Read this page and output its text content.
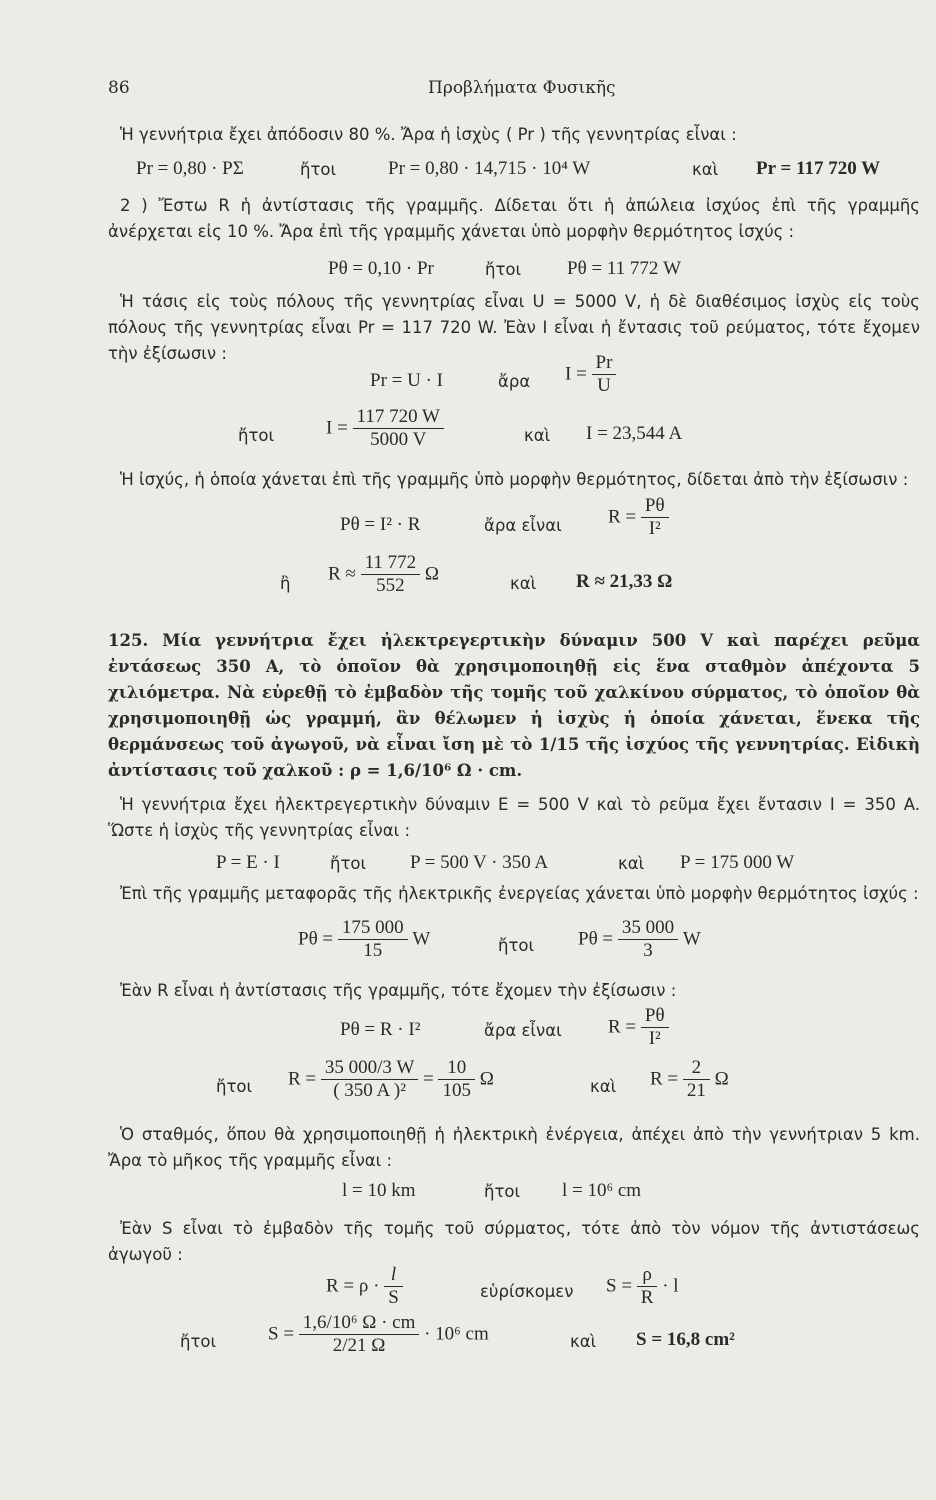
86	Προβλήματα Φυσικῆς
Ἡ γεννήτρια ἔχει ἀπόδοσιν 80 %. Ἄρα ἡ ἰσχὺς ( Pr ) τῆς γεννητρίας εἶναι :
Pr = 0,80 · PΣ	ἤτοι	Pr = 0,80 · 14,715 · 10⁴ W	καὶ Pr = 117 720 W
2 ) Ἔστω R ἡ ἀντίστασις τῆς γραμμῆς. Δίδεται ὅτι ἡ ἀπώλεια ἰσχύος ἐπὶ τῆς γραμμῆς ἀνέρχεται εἰς 10 %. Ἄρα ἐπὶ τῆς γραμμῆς χάνεται ὑπὸ μορφὴν θερμότητος ἰσχύς :
Pθ = 0,10 · Pr	ἤτοι Pθ = 11 772 W
Ἡ τάσις εἰς τοὺς πόλους τῆς γεννητρίας εἶναι U = 5000 V, ἡ δὲ διαθέσιμος ἰσχὺς εἰς τοὺς πόλους τῆς γεννητρίας εἶναι Pr = 117 720 W. Ἐὰν I εἶναι ἡ ἔντασις τοῦ ρεύματος, τότε ἔχομεν τὴν ἐξίσωσιν :
Pr = U · I	ἄρα $I = \frac{Pr}{U}$
ἤτοι	$I = \frac{117 720 W}{5000 V}$	καὶ I = 23,544 A
Ἡ ἰσχύς, ἡ ὁποία χάνεται ἐπὶ τῆς γραμμῆς ὑπὸ μορφὴν θερμότητος, δίδεται ἀπὸ τὴν ἐξίσωσιν :
Pθ = I² · R	ἄρα εἶναι $R = \frac{P\theta}{\text{I²}}$
ἢ $R \approx \frac{11 772}{552}$ Ω	καὶ R ≈ 21,33 Ω
125. Μία γεννήτρια ἔχει ἠλεκτρεγερτικὴν δύναμιν 500 V καὶ παρέχει ρεῦμα ἐντάσεως 350 A, τὸ ὁποῖον θὰ χρησιμοποιηθῇ εἰς ἕνα σταθμὸν ἀπέχοντα 5 χιλιόμετρα. Νὰ εὑρεθῇ τὸ ἐμβαδὸν τῆς τομῆς τοῦ χαλκίνου σύρματος, τὸ ὁποῖον θὰ χρησιμοποιηθῇ ὡς γραμμή, ἂν θέλωμεν ἡ ἰσχὺς ἡ ὁποία χάνεται, ἕνεκα τῆς θερμάνσεως τοῦ ἀγωγοῦ, νὰ εἶναι ἴση μὲ τὸ 1/15 τῆς ἰσχύος τῆς γεννητρίας. Εἰδικὴ ἀντίστασις τοῦ χαλκοῦ : ρ = 1,6/10⁶ Ω · cm.
Ἡ γεννήτρια ἔχει ἠλεκτρεγερτικὴν δύναμιν E = 500 V καὶ τὸ ρεῦμα ἔχει ἔντασιν I = 350 A. Ὥστε ἡ ἰσχὺς τῆς γεννητρίας εἶναι :
P = E · I	ἤτοι P = 500 V · 350 A	καὶ P = 175 000 W
Ἐπὶ τῆς γραμμῆς μεταφορᾶς τῆς ἠλεκτρικῆς ἐνεργείας χάνεται ὑπὸ μορφὴν θερμότητος ἰσχύς :
$P\theta = \frac{175 000}{15}$ W	ἤτοι $P\theta = \frac{35 000}{3}$ W
Ἐὰν R εἶναι ἡ ἀντίστασις τῆς γραμμῆς, τότε ἔχομεν τὴν ἐξίσωσιν :
Pθ = R · I²	ἄρα εἶναι $R = \frac{P\theta}{\text{I²}}$
ἤτοι $R = \frac{35 000/3 W}{\text{( 350 A )²}} = \frac{10}{105}$ Ω	καὶ $R = \frac{2}{21}$ Ω
Ὁ σταθμός, ὅπου θὰ χρησιμοποιηθῇ ἡ ἠλεκτρικὴ ἐνέργεια, ἀπέχει ἀπὸ τὴν γεννήτριαν 5 km. Ἄρα τὸ μῆκος τῆς γραμμῆς εἶναι :
l = 10 km	ἤτοι l = 10⁶ cm
Ἐὰν S εἶναι τὸ ἐμβαδὸν τῆς τομῆς τοῦ σύρματος, τότε ἀπὸ τὸν νόμον τῆς ἀντιστάσεως ἀγωγοῦ :
$R = \rho \cdot \frac{l}{S}$	εὑρίσκομεν $S = \frac{\rho}{R} \cdot l$
ἤτοι	$S = \frac{\text{1,6/10⁶ Ω · cm}}{2/21 \Omega} \cdot 10^6$ cm	καὶ S = 16,8 cm²
